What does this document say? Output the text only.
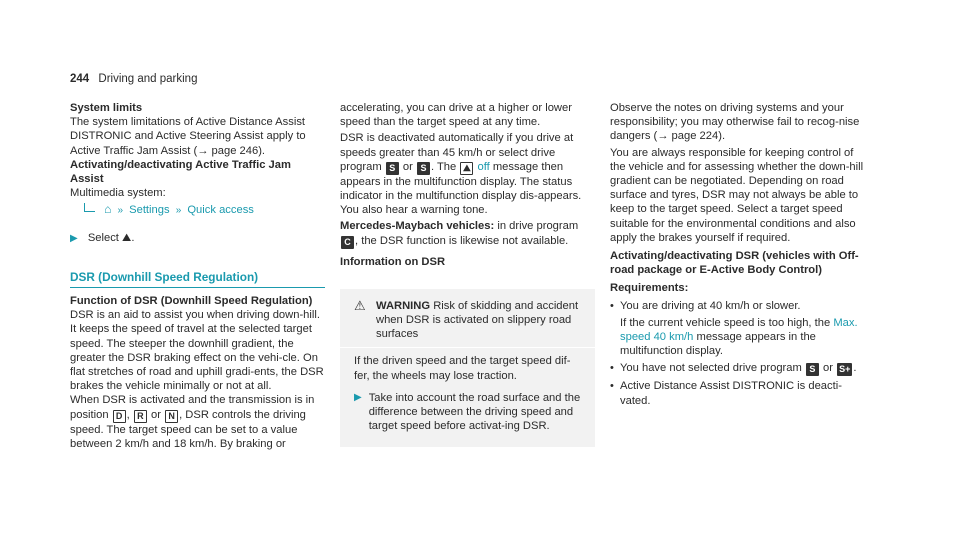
244 Driving and parking

System limits

The system limitations of Active Distance Assist DISTRONIC and Active Steering Assist apply to Active Traffic Jam Assist (→ page 246).

Activating/deactivating Active Traffic Jam Assist

Multimedia system:

⌂ » Settings » Quick access

▶ Select ⛰.

DSR (Downhill Speed Regulation)

Function of DSR (Downhill Speed Regulation)

DSR is an aid to assist you when driving down-hill. It keeps the speed of travel at the selected target speed. The steeper the downhill gradient, the greater the DSR braking effect on the vehi-cle. On flat stretches of road and uphill gradi-ents, the DSR brakes the vehicle minimally or not at all.

When DSR is activated and the transmission is in position D , R or N , DSR controls the driving speed. The target speed can be set to a value between 2 km/h and 18 km/h. By braking or

accelerating, you can drive at a higher or lower speed than the target speed at any time.

DSR is deactivated automatically if you drive at speeds greater than 45 km/h or select drive program S or S . The ⛰ off message then appears in the multifunction display. The status indicator in the multifunction display dis-appears. You also hear a warning tone.

Mercedes-Maybach vehicles: in drive program C , the DSR function is likewise not available.

Information on DSR

⚠ WARNING Risk of skidding and accident when DSR is activated on slippery road surfaces

If the driven speed and the target speed dif-fer, the wheels may lose traction.

▶ Take into account the road surface and the difference between the driving speed and target speed before activat-ing DSR.

Observe the notes on driving systems and your responsibility; you may otherwise fail to recog-nise dangers (→ page 224).

You are always responsible for keeping control of the vehicle and for assessing whether the down-hill gradient can be negotiated. Depending on road surface and tyres, DSR may not always be able to keep to the target speed. Select a target speed suitable for the environmental conditions and also apply the brakes yourself if required.

Activating/deactivating DSR (vehicles with Off-road package or E-Active Body Control)

Requirements:

• You are driving at 40 km/h or slower.

If the current vehicle speed is too high, the Max. speed 40 km/h message appears in the multifunction display.

• You have not selected drive program S or S+ .
• Active Distance Assist DISTRONIC is deacti-vated.
